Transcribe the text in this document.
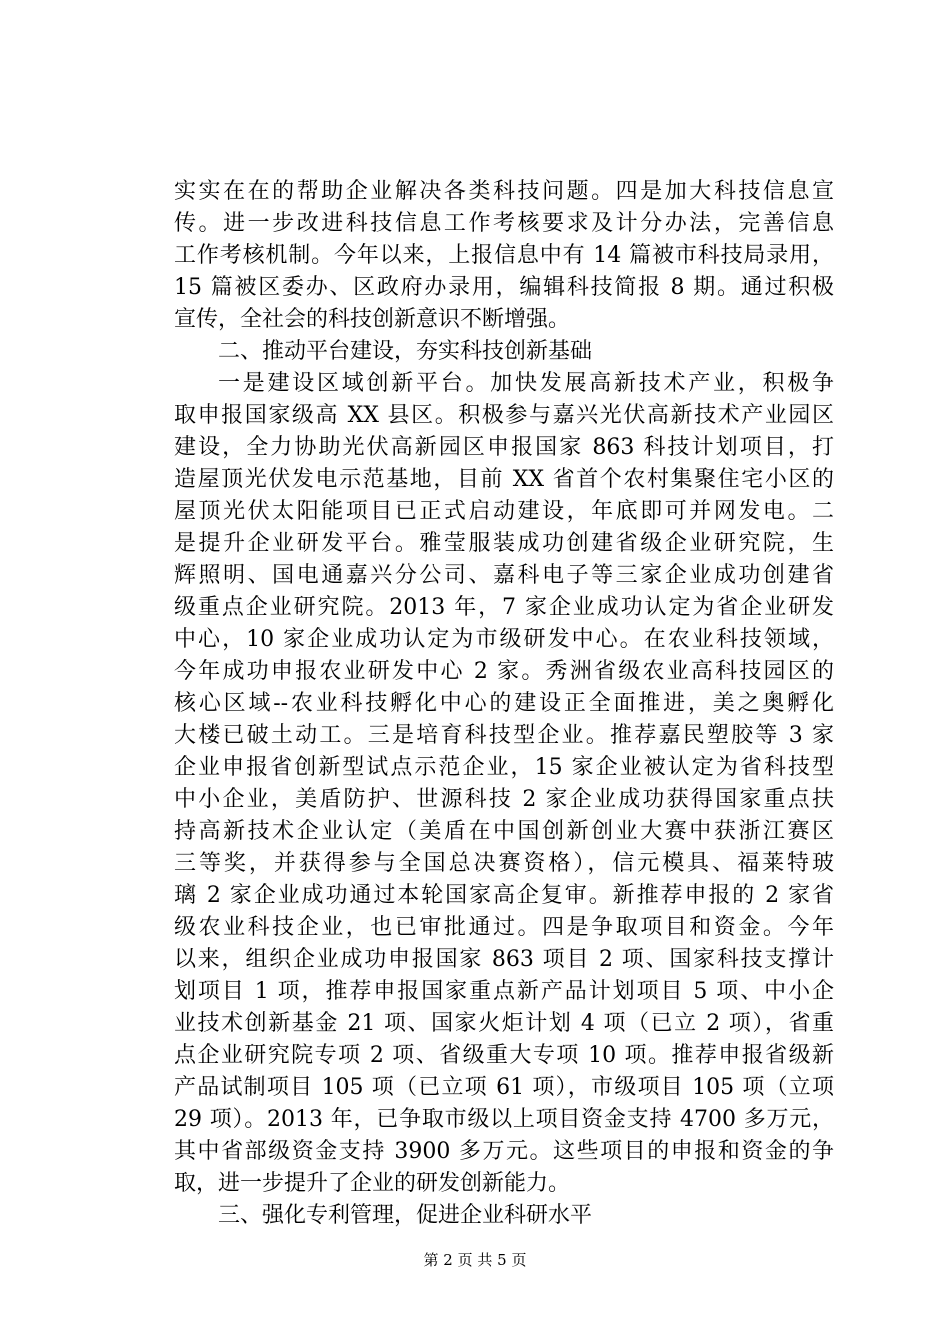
实实在在的帮助企业解决各类科技问题。四是加大科技信息宣
传。进一步改进科技信息工作考核要求及计分办法，完善信息
工作考核机制。今年以来，上报信息中有 14 篇被市科技局录用，
15 篇被区委办、区政府办录用，编辑科技简报 8 期。通过积极
宣传，全社会的科技创新意识不断增强。
二、推动平台建设，夯实科技创新基础
一是建设区域创新平台。加快发展高新技术产业，积极争
取申报国家级高 XX 县区。积极参与嘉兴光伏高新技术产业园区
建设，全力协助光伏高新园区申报国家 863 科技计划项目，打
造屋顶光伏发电示范基地，目前 XX 省首个农村集聚住宅小区的
屋顶光伏太阳能项目已正式启动建设，年底即可并网发电。二
是提升企业研发平台。雅莹服装成功创建省级企业研究院，生
辉照明、国电通嘉兴分公司、嘉科电子等三家企业成功创建省
级重点企业研究院。2013 年，7 家企业成功认定为省企业研发
中心，10 家企业成功认定为市级研发中心。在农业科技领域，
今年成功申报农业研发中心 2 家。秀洲省级农业高科技园区的
核心区域--农业科技孵化中心的建设正全面推进，美之奥孵化
大楼已破土动工。三是培育科技型企业。推荐嘉民塑胶等 3 家
企业申报省创新型试点示范企业，15 家企业被认定为省科技型
中小企业，美盾防护、世源科技 2 家企业成功获得国家重点扶
持高新技术企业认定（美盾在中国创新创业大赛中获浙江赛区
三等奖，并获得参与全国总决赛资格），信元模具、福莱特玻
璃 2 家企业成功通过本轮国家高企复审。新推荐申报的 2 家省
级农业科技企业，也已审批通过。四是争取项目和资金。今年
以来，组织企业成功申报国家 863 项目 2 项、国家科技支撑计
划项目 1 项，推荐申报国家重点新产品计划项目 5 项、中小企
业技术创新基金 21 项、国家火炬计划 4 项（已立 2 项），省重
点企业研究院专项 2 项、省级重大专项 10 项。推荐申报省级新
产品试制项目 105 项（已立项 61 项），市级项目 105 项（立项
29 项）。2013 年，已争取市级以上项目资金支持 4700 多万元，
其中省部级资金支持 3900 多万元。这些项目的申报和资金的争
取，进一步提升了企业的研发创新能力。
三、强化专利管理，促进企业科研水平
第 2 页 共 5 页
